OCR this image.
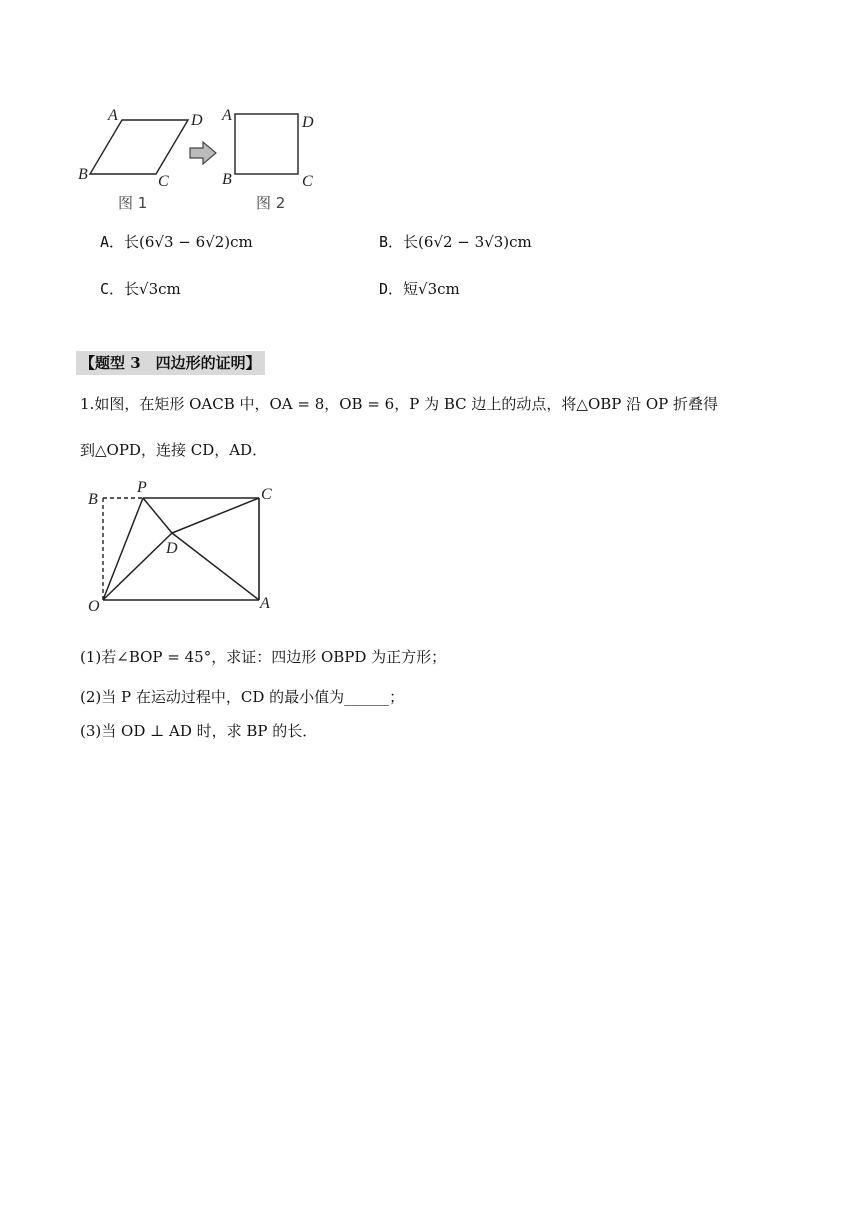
A	D
B	C
图 1
A	D
B	C
图 2
A．长(6√3 − 6√2)cm	B．长(6√2 − 3√3)cm
C．长√3cm	D．短√3cm
【题型 3　四边形的证明】
1.如图，在矩形 OACB 中，OA = 8，OB = 6，P 为 BC 边上的动点，将△OBP 沿 OP 折叠得
到△OPD，连接 CD，AD．
B
P	C
D
O	A
(1)若∠BOP = 45°，求证：四边形 OBPD 为正方形；
(2)当 P 在运动过程中，CD 的最小值为______；
(3)当 OD ⊥ AD 时，求 BP 的长．
